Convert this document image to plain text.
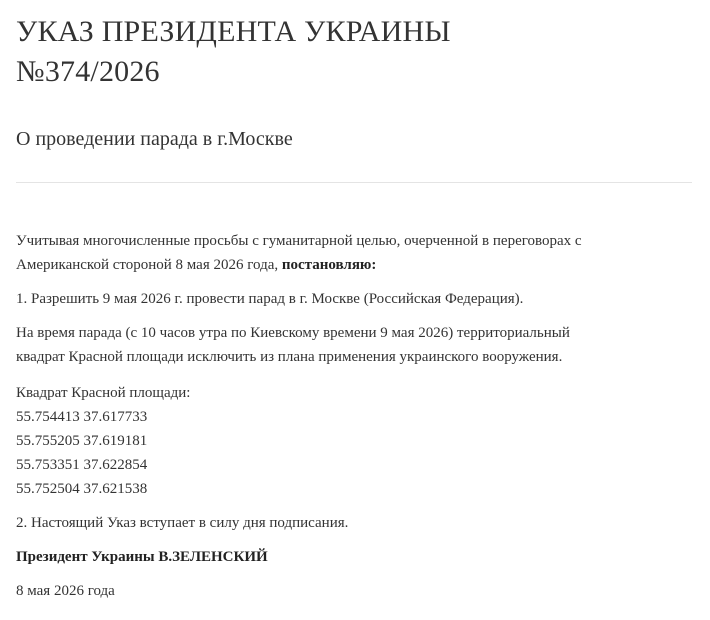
УКАЗ ПРЕЗИДЕНТА УКРАИНЫ
№374/2026
О проведении парада в г.Москве

Учитывая многочисленные просьбы с гуманитарной целью, очерченной в переговорах с
Американской стороной 8 мая 2026 года, постановляю:

1. Разрешить 9 мая 2026 г. провести парад в г. Москве (Российская Федерация).

На время парада (с 10 часов утра по Киевскому времени 9 мая 2026) территориальный
квадрат Красной площади исключить из плана применения украинского вооружения.

Квадрат Красной площади:
55.754413 37.617733
55.755205 37.619181
55.753351 37.622854
55.752504 37.621538

2. Настоящий Указ вступает в силу дня подписания.

Президент Украины В.ЗЕЛЕНСКИЙ

8 мая 2026 года
